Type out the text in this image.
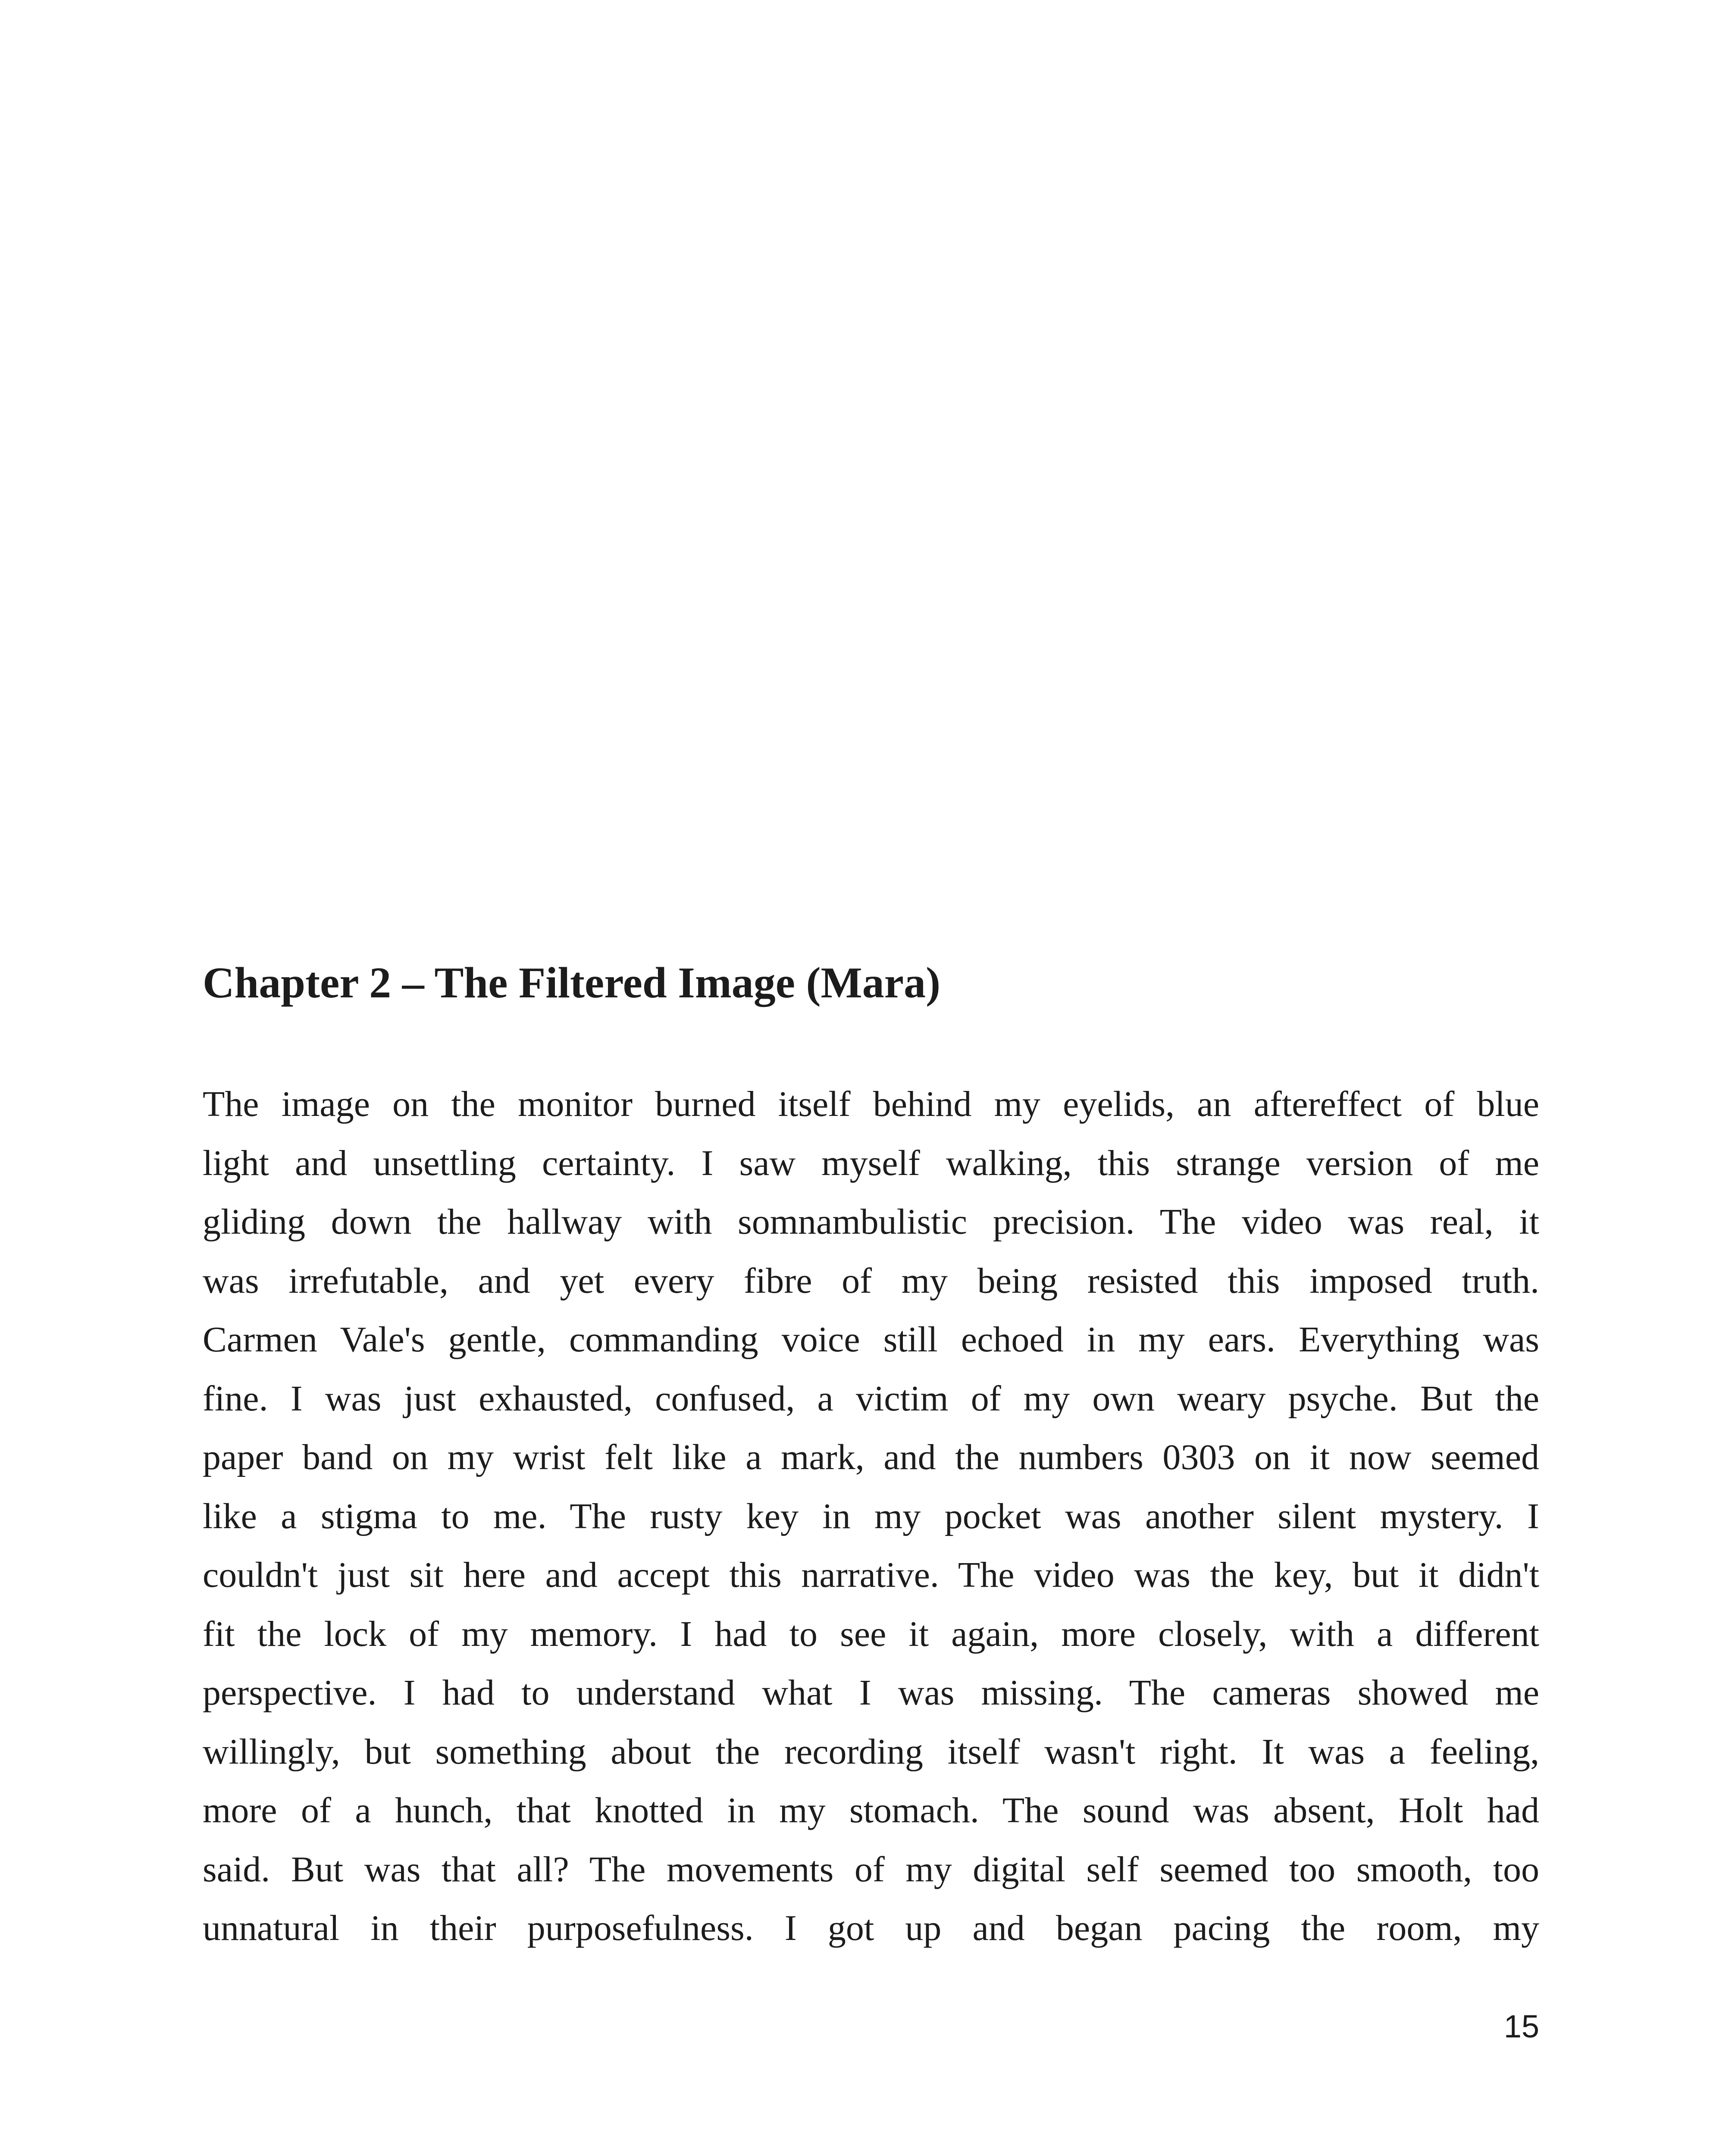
Chapter 2 – The Filtered Image (Mara)
The image on the monitor burned itself behind my eyelids, an aftereffect of blue
light and unsettling certainty. I saw myself walking, this strange version of me
gliding down the hallway with somnambulistic precision. The video was real, it
was irrefutable, and yet every fibre of my being resisted this imposed truth.
Carmen Vale's gentle, commanding voice still echoed in my ears. Everything was
fine. I was just exhausted, confused, a victim of my own weary psyche. But the
paper band on my wrist felt like a mark, and the numbers 0303 on it now seemed
like a stigma to me. The rusty key in my pocket was another silent mystery. I
couldn't just sit here and accept this narrative. The video was the key, but it didn't
fit the lock of my memory. I had to see it again, more closely, with a different
perspective. I had to understand what I was missing. The cameras showed me
willingly, but something about the recording itself wasn't right. It was a feeling,
more of a hunch, that knotted in my stomach. The sound was absent, Holt had
said. But was that all? The movements of my digital self seemed too smooth, too
unnatural in their purposefulness. I got up and began pacing the room, my

15
